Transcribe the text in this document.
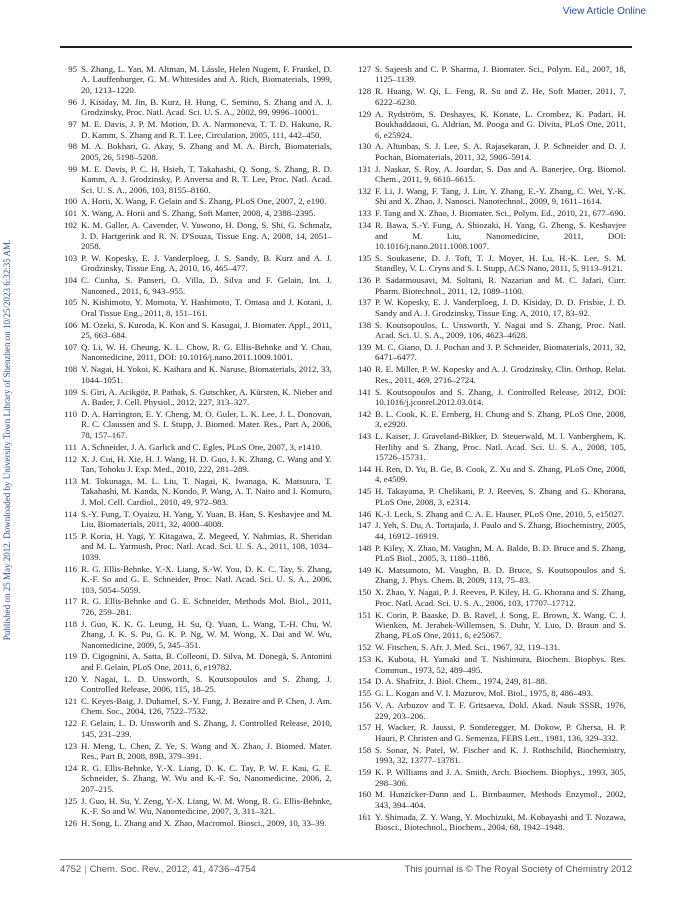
View Article Online
Published on 25 May 2012. Downloaded by University Town Library of Shenzhen on 10/25/2023 6:32:35 AM.
95 S. Zhang, L. Yan, M. Altman, M. Lässle, Helen Nugent, F. Frankel, D. A. Lauffenburger, G. M. Whitesides and A. Rich, Biomaterials, 1999, 20, 1213–1220.
96 J. Kisiday, M. Jin, B. Kurz, H. Hung, C. Semino, S. Zhang and A. J. Grodzinsky, Proc. Natl. Acad. Sci. U. S. A., 2002, 99, 9996–10001.
97 M. E. Davis, J. P. M. Motion, D. A. Narmoneva, T. T. D. Hakuno, R. D. Kamm, S. Zhang and R. T. Lee, Circulation, 2005, 111, 442–450.
98 M. A. Bokhari, G. Akay, S. Zhang and M. A. Birch, Biomaterials, 2005, 26, 5198–5208.
99 M. E. Davis, P. C. H. Hsieh, T. Takahashi, Q. Song, S. Zhang, R. D. Kamm, A. J. Grodzinsky, P. Anversa and R. T. Lee, Proc. Natl. Acad. Sci. U. S. A., 2006, 103, 8155–8160.
100 A. Horii, X. Wang, F. Gelain and S. Zhang, PLoS One, 2007, 2, e190.
101 X. Wang, A. Horii and S. Zhang, Soft Matter, 2008, 4, 2388–2395.
102 K. M. Galler, A. Cavender, V. Yuwono, H. Dong, S. Shi, G. Schmalz, J. D. Hartgerink and R. N. D'Souza, Tissue Eng. A, 2008, 14, 2051–2058.
103 P. W. Kopesky, E. J. Vanderploeg, J. S. Sandy, B. Kurz and A. J. Grodzinsky, Tissue Eng. A, 2010, 16, 465–477.
104 C. Cunha, S. Panseri, O. Villa, D. Silva and F. Gelain, Int. J. Nanomed., 2011, 6, 943–955.
105 N. Kishimoto, Y. Momota, Y. Hashimoto, T. Omasa and J. Kotani, J. Oral Tissue Eng., 2011, 8, 151–161.
106 M. Ozeki, S. Kuroda, K. Kon and S. Kasugai, J. Biomater. Appl., 2011, 25, 663–684.
107 Q. Li, W. H. Cheung, K. L. Chow, R. G. Ellis-Behnke and Y. Chau, Nanomedicine, 2011, DOI: 10.1016/j.nano.2011.1009.1001.
108 Y. Nagai, H. Yokoi, K. Kaihara and K. Naruse, Biomaterials, 2012, 33, 1044–1051.
109 S. Giri, A. Acikgöz, P. Pathak, S. Gutschker, A. Kürsten, K. Nieber and A. Bader, J. Cell. Physiol., 2012, 227, 313–327.
110 D. A. Harrington, E. Y. Cheng, M. O. Guler, L. K. Lee, J. L. Donovan, R. C. Claussen and S. I. Stupp, J. Biomed. Mater. Res., Part A, 2006, 78, 157–167.
111 A. Schneider, J. A. Garlick and C. Egles, PLoS One, 2007, 3, e1410.
112 X. J. Cui, H. Xie, H. J. Wang, H. D. Guo, J. K. Zhang, C. Wang and Y. Tan, Tohoku J. Exp. Med., 2010, 222, 281–289.
113 M. Tokunaga, M. L. Liu, T. Nagai, K. Iwanaga, K. Matsuura, T. Takahashi, M. Kanda, N. Kondo, P. Wang, A. T. Naito and I. Komuro, J. Mol. Cell. Cardiol., 2010, 49, 972–983.
114 S.-Y. Fung, T. Oyaizu, H. Yang, Y. Yuan, B. Han, S. Keshavjee and M. Liu, Biomaterials, 2011, 32, 4000–4008.
115 P. Koria, H. Yagi, Y. Kitagawa, Z. Megeed, Y. Nahmias, R. Sheridan and M. L. Yarmush, Proc. Natl. Acad. Sci. U. S. A., 2011, 108, 1034–1039.
116 R. G. Ellis-Behnke, Y.-X. Liang, S.-W. You, D. K. C. Tay, S. Zhang, K.-F. So and G. E. Schneider, Proc. Natl. Acad. Sci. U. S. A., 2006, 103, 5054–5059.
117 R. G. Ellis-Behnke and G. E. Schneider, Methods Mol. Biol., 2011, 726, 259–281.
118 J. Guo, K. K. G. Leung, H. Su, Q. Yuan, L. Wang, T.-H. Chu, W. Zhang, J. K. S. Pu, G. K. P. Ng, W. M. Wong, X. Dai and W. Wu, Nanomedicine, 2009, 5, 345–351.
119 D. Cigognini, A. Satta, B. Colleoni, D. Silva, M. Donegà, S. Antonini and F. Gelain, PLoS One, 2011, 6, e19782.
120 Y. Nagai, L. D. Unsworth, S. Koutsopoulos and S. Zhang, J. Controlled Release, 2006, 115, 18–25.
121 C. Keyes-Baig, J. Duhamel, S.-Y. Fung, J. Bezaire and P. Chen, J. Am. Chem. Soc., 2004, 126, 7522–7532.
122 F. Gelain, L. D. Unsworth and S. Zhang, J. Controlled Release, 2010, 145, 231–239.
123 H. Meng, L. Chen, Z. Ye, S. Wang and X. Zhao, J. Biomed. Mater. Res., Part B, 2008, 89B, 379–391.
124 R. G. Ellis-Behnke, Y.-X. Liang, D. K. C. Tay, P. W. F. Kau, G. E. Schneider, S. Zhang, W. Wu and K.-F. So, Nanomedicine, 2006, 2, 207–215.
125 J. Guo, H. Su, Y. Zeng, Y.-X. Liang, W. M. Wong, R. G. Ellis-Behnke, K.-F. So and W. Wu, Nanomedicine, 2007, 3, 311–321.
126 H. Song, L. Zhang and X. Zhao, Macromol. Biosci., 2009, 10, 33–39.
127 S. Sajeesh and C. P. Sharma, J. Biomater. Sci., Polym. Ed., 2007, 18, 1125–1139.
128 R. Huang, W. Qi, L. Feng, R. Su and Z. He, Soft Matter, 2011, 7, 6222–6230.
129 A. Rydström, S. Deshayes, K. Konate, L. Crombez, K. Padari, H. Boukhaddaoui, G. Aldrian, M. Pooga and G. Divita, PLoS One, 2011, 6, e25924.
130 A. Altunbas, S. J. Lee, S. A. Rajasekaran, J. P. Schneider and D. J. Pochan, Biomaterials, 2011, 32, 5906–5914.
131 J. Naskar, S. Roy, A. Joardar, S. Das and A. Banerjee, Org. Biomol. Chem., 2011, 9, 6610–6615.
132 F. Li, J. Wang, F. Tang, J. Lin, Y. Zhang, E.-Y. Zhang, C. Wei, Y.-K. Shi and X. Zhao, J. Nanosci. Nanotechnol., 2009, 9, 1611–1614.
133 F. Tang and X. Zhao, J. Biomater. Sci., Polym. Ed., 2010, 21, 677–690.
134 R. Bawa, S.-Y. Fung, A. Shiozaki, H. Yang, G. Zheng, S. Keshavjee and M. Liu, Nanomedicine, 2011, DOI: 10.1016/j.nano.2011.1008.1007.
135 S. Soukasene, D. J. Toft, T. J. Moyer, H. Lu, H.-K. Lee, S. M. Standley, V. L. Cryns and S. I. Stupp, ACS Nano, 2011, 5, 9113–9121.
136 P. Sadatmousavi, M. Soltani, R. Nazarian and M. C. Jafari, Curr. Pharm. Biotechnol., 2011, 12, 1089–1100.
137 P. W. Kopesky, E. J. Vanderploeg, J. D. Kisiday, D. D. Frisbie, J. D. Sandy and A. J. Grodzinsky, Tissue Eng. A, 2010, 17, 83–92.
138 S. Koutsopoulos, L. Unsworth, Y. Nagai and S. Zhang, Proc. Natl. Acad. Sci. U. S. A., 2009, 106, 4623–4628.
139 M. C. Giano, D. J. Pochan and J. P. Schneider, Biomaterials, 2011, 32, 6471–6477.
140 R. E. Miller, P. W. Kopesky and A. J. Grodzinsky, Clin. Orthop. Relat. Res., 2011, 469, 2716–2724.
141 S. Koutsopoulos and S. Zhang, J. Controlled Release, 2012, DOI: 10.1016/j.jconrel.2012.03.014.
142 B. L. Cook, K. E. Ernberg, H. Chung and S. Zhang, PLoS One, 2008, 3, e2920.
143 L. Kaiser, J. Graveland-Bikker, D. Steuerwald, M. l. Vanberghem, K. Herlihy and S. Zhang, Proc. Natl. Acad. Sci. U. S. A., 2008, 105, 15726–15731.
144 H. Ren, D. Yu, B. Ge, B. Cook, Z. Xu and S. Zhang, PLoS One, 2008, 4, e4509.
145 H. Takayama, P. Chelikani, P. J. Reeves, S. Zhang and G. Khorana, PLoS One, 2008, 3, e2314.
146 K.-J. Leck, S. Zhang and C. A. E. Hauser, PLoS One, 2010, 5, e15027.
147 J. Yeh, S. Du, A. Tortajada, J. Paulo and S. Zhang, Biochemistry, 2005, 44, 16912–16919.
148 P. Kiley, X. Zhao, M. Vaughn, M. A. Baldo, B. D. Bruce and S. Zhang, PLoS Biol., 2005, 3, 1180–1186.
149 K. Matsumoto, M. Vaughn, B. D. Bruce, S. Koutsopoulos and S. Zhang, J. Phys. Chem. B, 2009, 113, 75–83.
150 X. Zhao, Y. Nagai, P. J. Reeves, P. Kiley, H. G. Khorana and S. Zhang, Proc. Natl. Acad. Sci. U. S. A., 2006, 103, 17707–17712.
151 K. Corin, P. Baaske, D. B. Ravel, J. Song, E. Brown, X. Wang, C. J. Wienken, M. Jerabek-Willemsen, S. Duhr, Y. Luo, D. Braun and S. Zhang, PLoS One, 2011, 6, e25067.
152 W. Fitschen, S. Afr. J. Med. Sci., 1967, 32, 119–131.
153 K. Kubota, H. Yamaki and T. Nishimura, Biochem. Biophys. Res. Commun., 1973, 52, 489–495.
154 D. A. Shafritz, J. Biol. Chem., 1974, 249, 81–88.
155 G. L. Kogan and V. I. Mazurov, Mol. Biol., 1975, 8, 486–493.
156 V. A. Arbuzov and T. F. Gritsaeva, Dokl. Akad. Nauk SSSR, 1976, 229, 203–206.
157 H. Wacker, R. Jaussi, P. Sonderegger, M. Dokow, P. Ghersa, H. P. Hauri, P. Christen and G. Semenza, FEBS Lett., 1981, 136, 329–332.
158 S. Sonar, N. Patel, W. Fischer and K. J. Rothschild, Biochemistry, 1993, 32, 13777–13781.
159 K. P. Williams and J. A. Smith, Arch. Biochem. Biophys., 1993, 305, 298–306.
160 M. Hunzicker-Dunn and L. Birnbaumer, Methods Enzymol., 2002, 343, 394–404.
161 Y. Shimada, Z. Y. Wang, Y. Mochizuki, M. Kobayashi and T. Nozawa, Biosci., Biotechnol., Biochem., 2004, 68, 1942–1948.
4752 | Chem. Soc. Rev., 2012, 41, 4736–4754	This journal is © The Royal Society of Chemistry 2012
